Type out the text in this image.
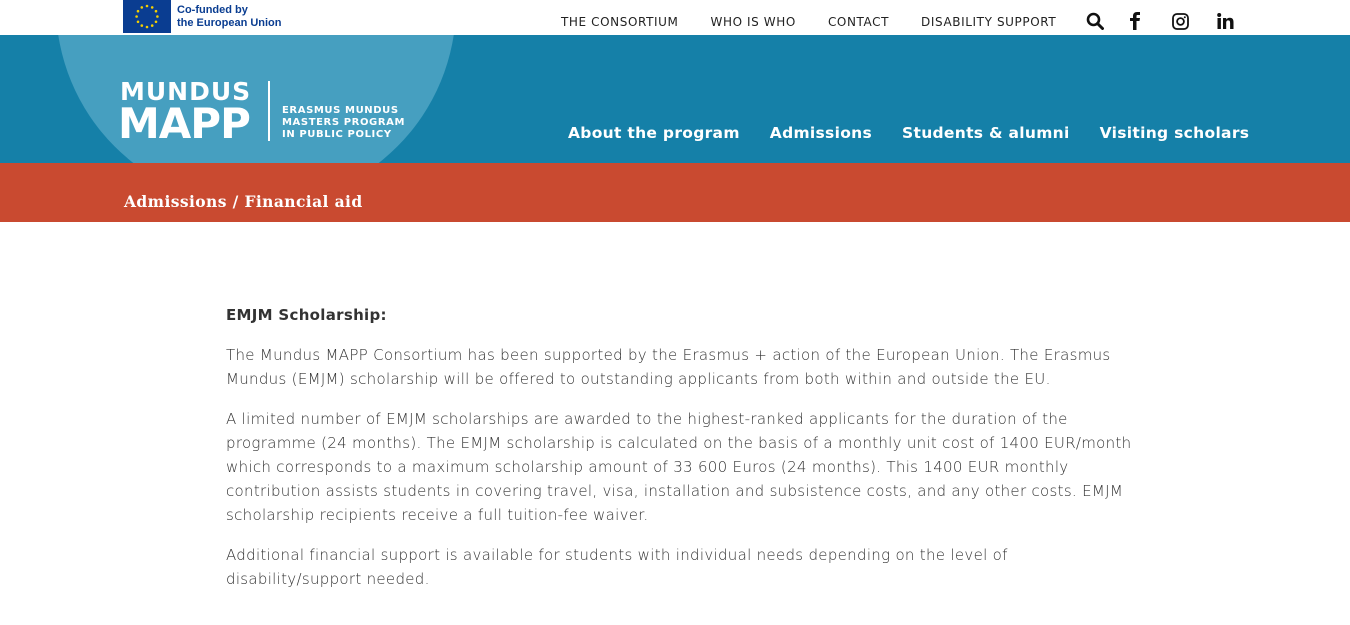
Co-funded by
the European Union	THE CONSORTIUM	WHO IS WHO	CONTACT	DISABILITY SUPPORT
MUNDUS
MAPP	ERASMUS MUNDUS
MASTERS PROGRAM
IN PUBLIC POLICY	About the program Admissions Students & alumni Visiting scholars
Admissions / Financial aid
EMJM Scholarship:

The Mundus MAPP Consortium has been supported by the Erasmus + action of the European Union. The Erasmus Mundus (EMJM) scholarship will be offered to outstanding applicants from both within and outside the EU.

A limited number of EMJM scholarships are awarded to the highest-ranked applicants for the duration of the programme (24 months). The EMJM scholarship is calculated on the basis of a monthly unit cost of 1400 EUR/month which corresponds to a maximum scholarship amount of 33 600 Euros (24 months). This 1400 EUR monthly contribution assists students in covering travel, visa, installation and subsistence costs, and any other costs. EMJM scholarship recipients receive a full tuition-fee waiver.

Additional financial support is available for students with individual needs depending on the level of disability/support needed.
